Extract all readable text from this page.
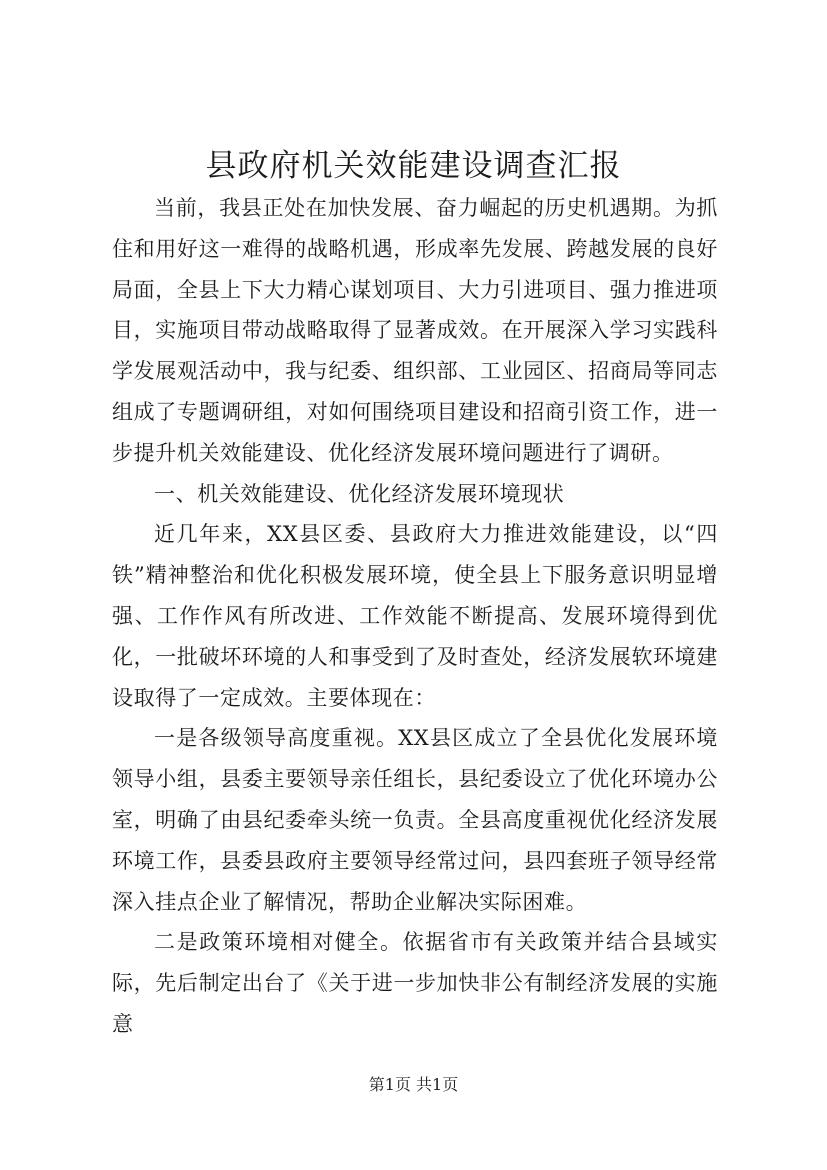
县政府机关效能建设调查汇报

当前，我县正处在加快发展、奋力崛起的历史机遇期。为抓住和用好这一难得的战略机遇，形成率先发展、跨越发展的良好局面，全县上下大力精心谋划项目、大力引进项目、强力推进项目，实施项目带动战略取得了显著成效。在开展深入学习实践科学发展观活动中，我与纪委、组织部、工业园区、招商局等同志组成了专题调研组，对如何围绕项目建设和招商引资工作，进一步提升机关效能建设、优化经济发展环境问题进行了调研。

一、机关效能建设、优化经济发展环境现状

近几年来，XX县区委、县政府大力推进效能建设，以“四铁”精神整治和优化积极发展环境，使全县上下服务意识明显增强、工作作风有所改进、工作效能不断提高、发展环境得到优化，一批破坏环境的人和事受到了及时查处，经济发展软环境建设取得了一定成效。主要体现在：

一是各级领导高度重视。XX县区成立了全县优化发展环境领导小组，县委主要领导亲任组长，县纪委设立了优化环境办公室，明确了由县纪委牵头统一负责。全县高度重视优化经济发展环境工作，县委县政府主要领导经常过问，县四套班子领导经常深入挂点企业了解情况，帮助企业解决实际困难。

二是政策环境相对健全。依据省市有关政策并结合县域实际，先后制定出台了《关于进一步加快非公有制经济发展的实施意

第1页 共1页
